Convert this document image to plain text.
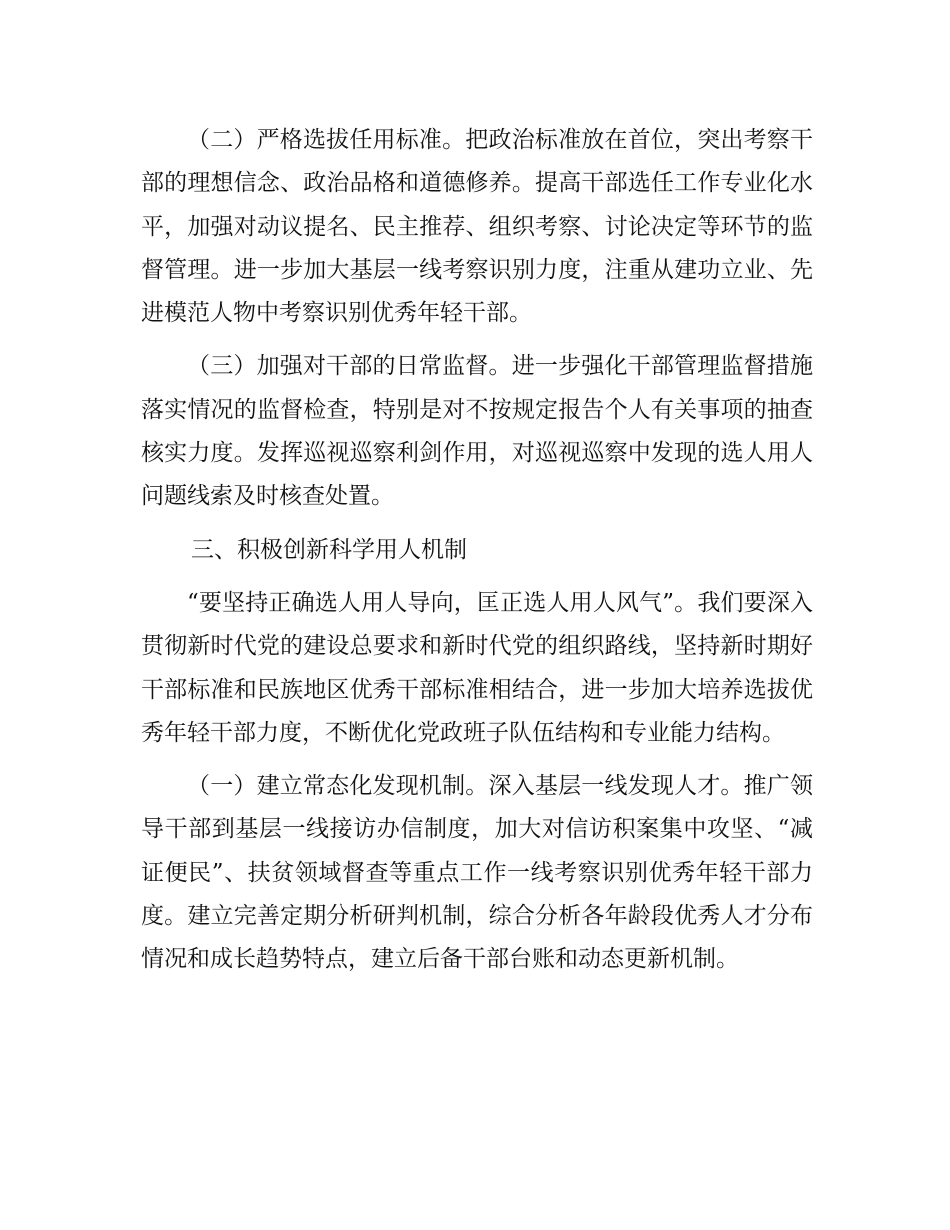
（二）严格选拔任用标准。把政治标准放在首位，突出考察干部的理想信念、政治品格和道德修养。提高干部选任工作专业化水平，加强对动议提名、民主推荐、组织考察、讨论决定等环节的监督管理。进一步加大基层一线考察识别力度，注重从建功立业、先进模范人物中考察识别优秀年轻干部。

（三）加强对干部的日常监督。进一步强化干部管理监督措施落实情况的监督检查，特别是对不按规定报告个人有关事项的抽查核实力度。发挥巡视巡察利剑作用，对巡视巡察中发现的选人用人问题线索及时核查处置。

三、积极创新科学用人机制

“要坚持正确选人用人导向，匡正选人用人风气”。我们要深入贯彻新时代党的建设总要求和新时代党的组织路线，坚持新时期好干部标准和民族地区优秀干部标准相结合，进一步加大培养选拔优秀年轻干部力度，不断优化党政班子队伍结构和专业能力结构。

（一）建立常态化发现机制。深入基层一线发现人才。推广领导干部到基层一线接访办信制度，加大对信访积案集中攻坚、“减证便民”、扶贫领域督查等重点工作一线考察识别优秀年轻干部力度。建立完善定期分析研判机制，综合分析各年龄段优秀人才分布情况和成长趋势特点，建立后备干部台账和动态更新机制。
